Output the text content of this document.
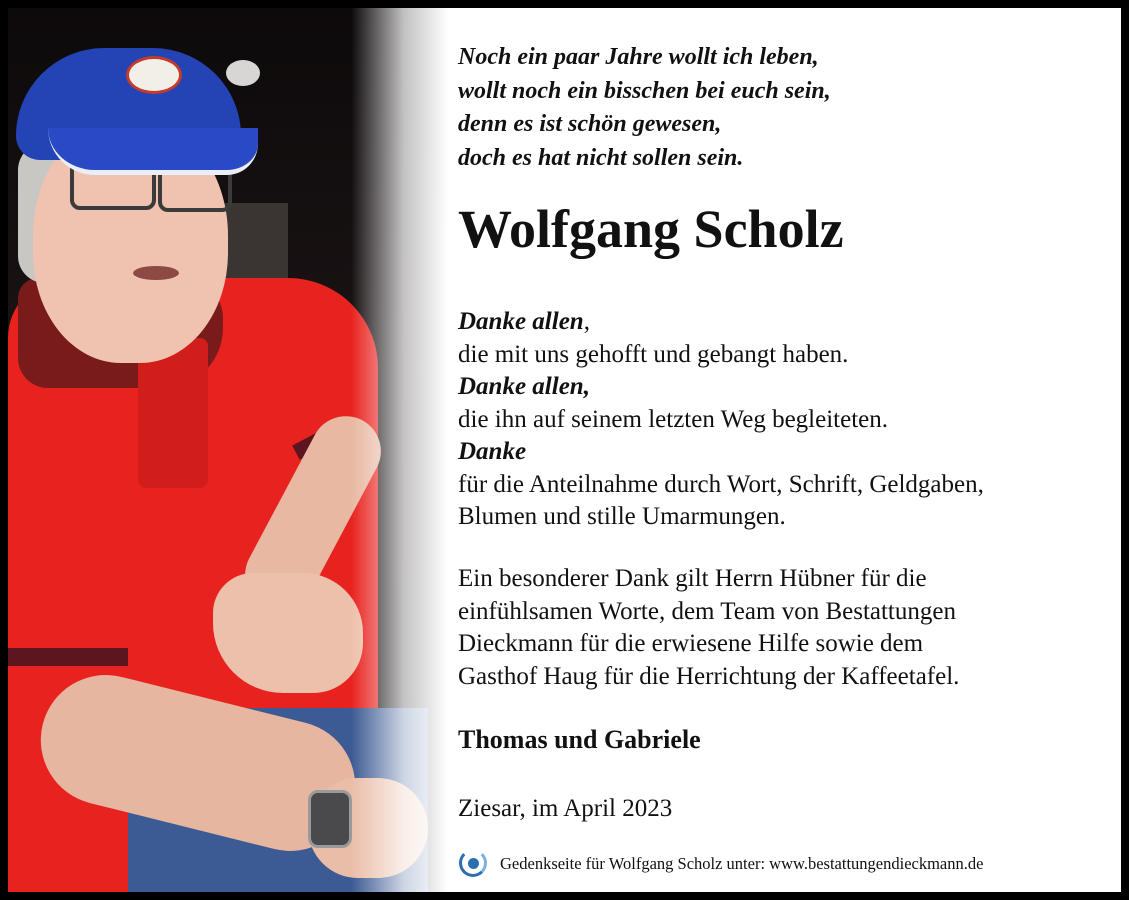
Noch ein paar Jahre wollt ich leben,
wollt noch ein bisschen bei euch sein,
denn es ist schön gewesen,
doch es hat nicht sollen sein.
Wolfgang Scholz
Danke allen,
die mit uns gehofft und gebangt haben.
Danke allen,
die ihn auf seinem letzten Weg begleiteten.
Danke
für die Anteilnahme durch Wort, Schrift, Geldgaben,
Blumen und stille Umarmungen.
Ein besonderer Dank gilt Herrn Hübner für die
einfühlsamen Worte, dem Team von Bestattungen
Dieckmann für die erwiesene Hilfe sowie dem
Gasthof Haug für die Herrichtung der Kaffeetafel.
Thomas und Gabriele
Ziesar, im April 2023
Gedenkseite für Wolfgang Scholz unter: www.bestattungendieckmann.de
